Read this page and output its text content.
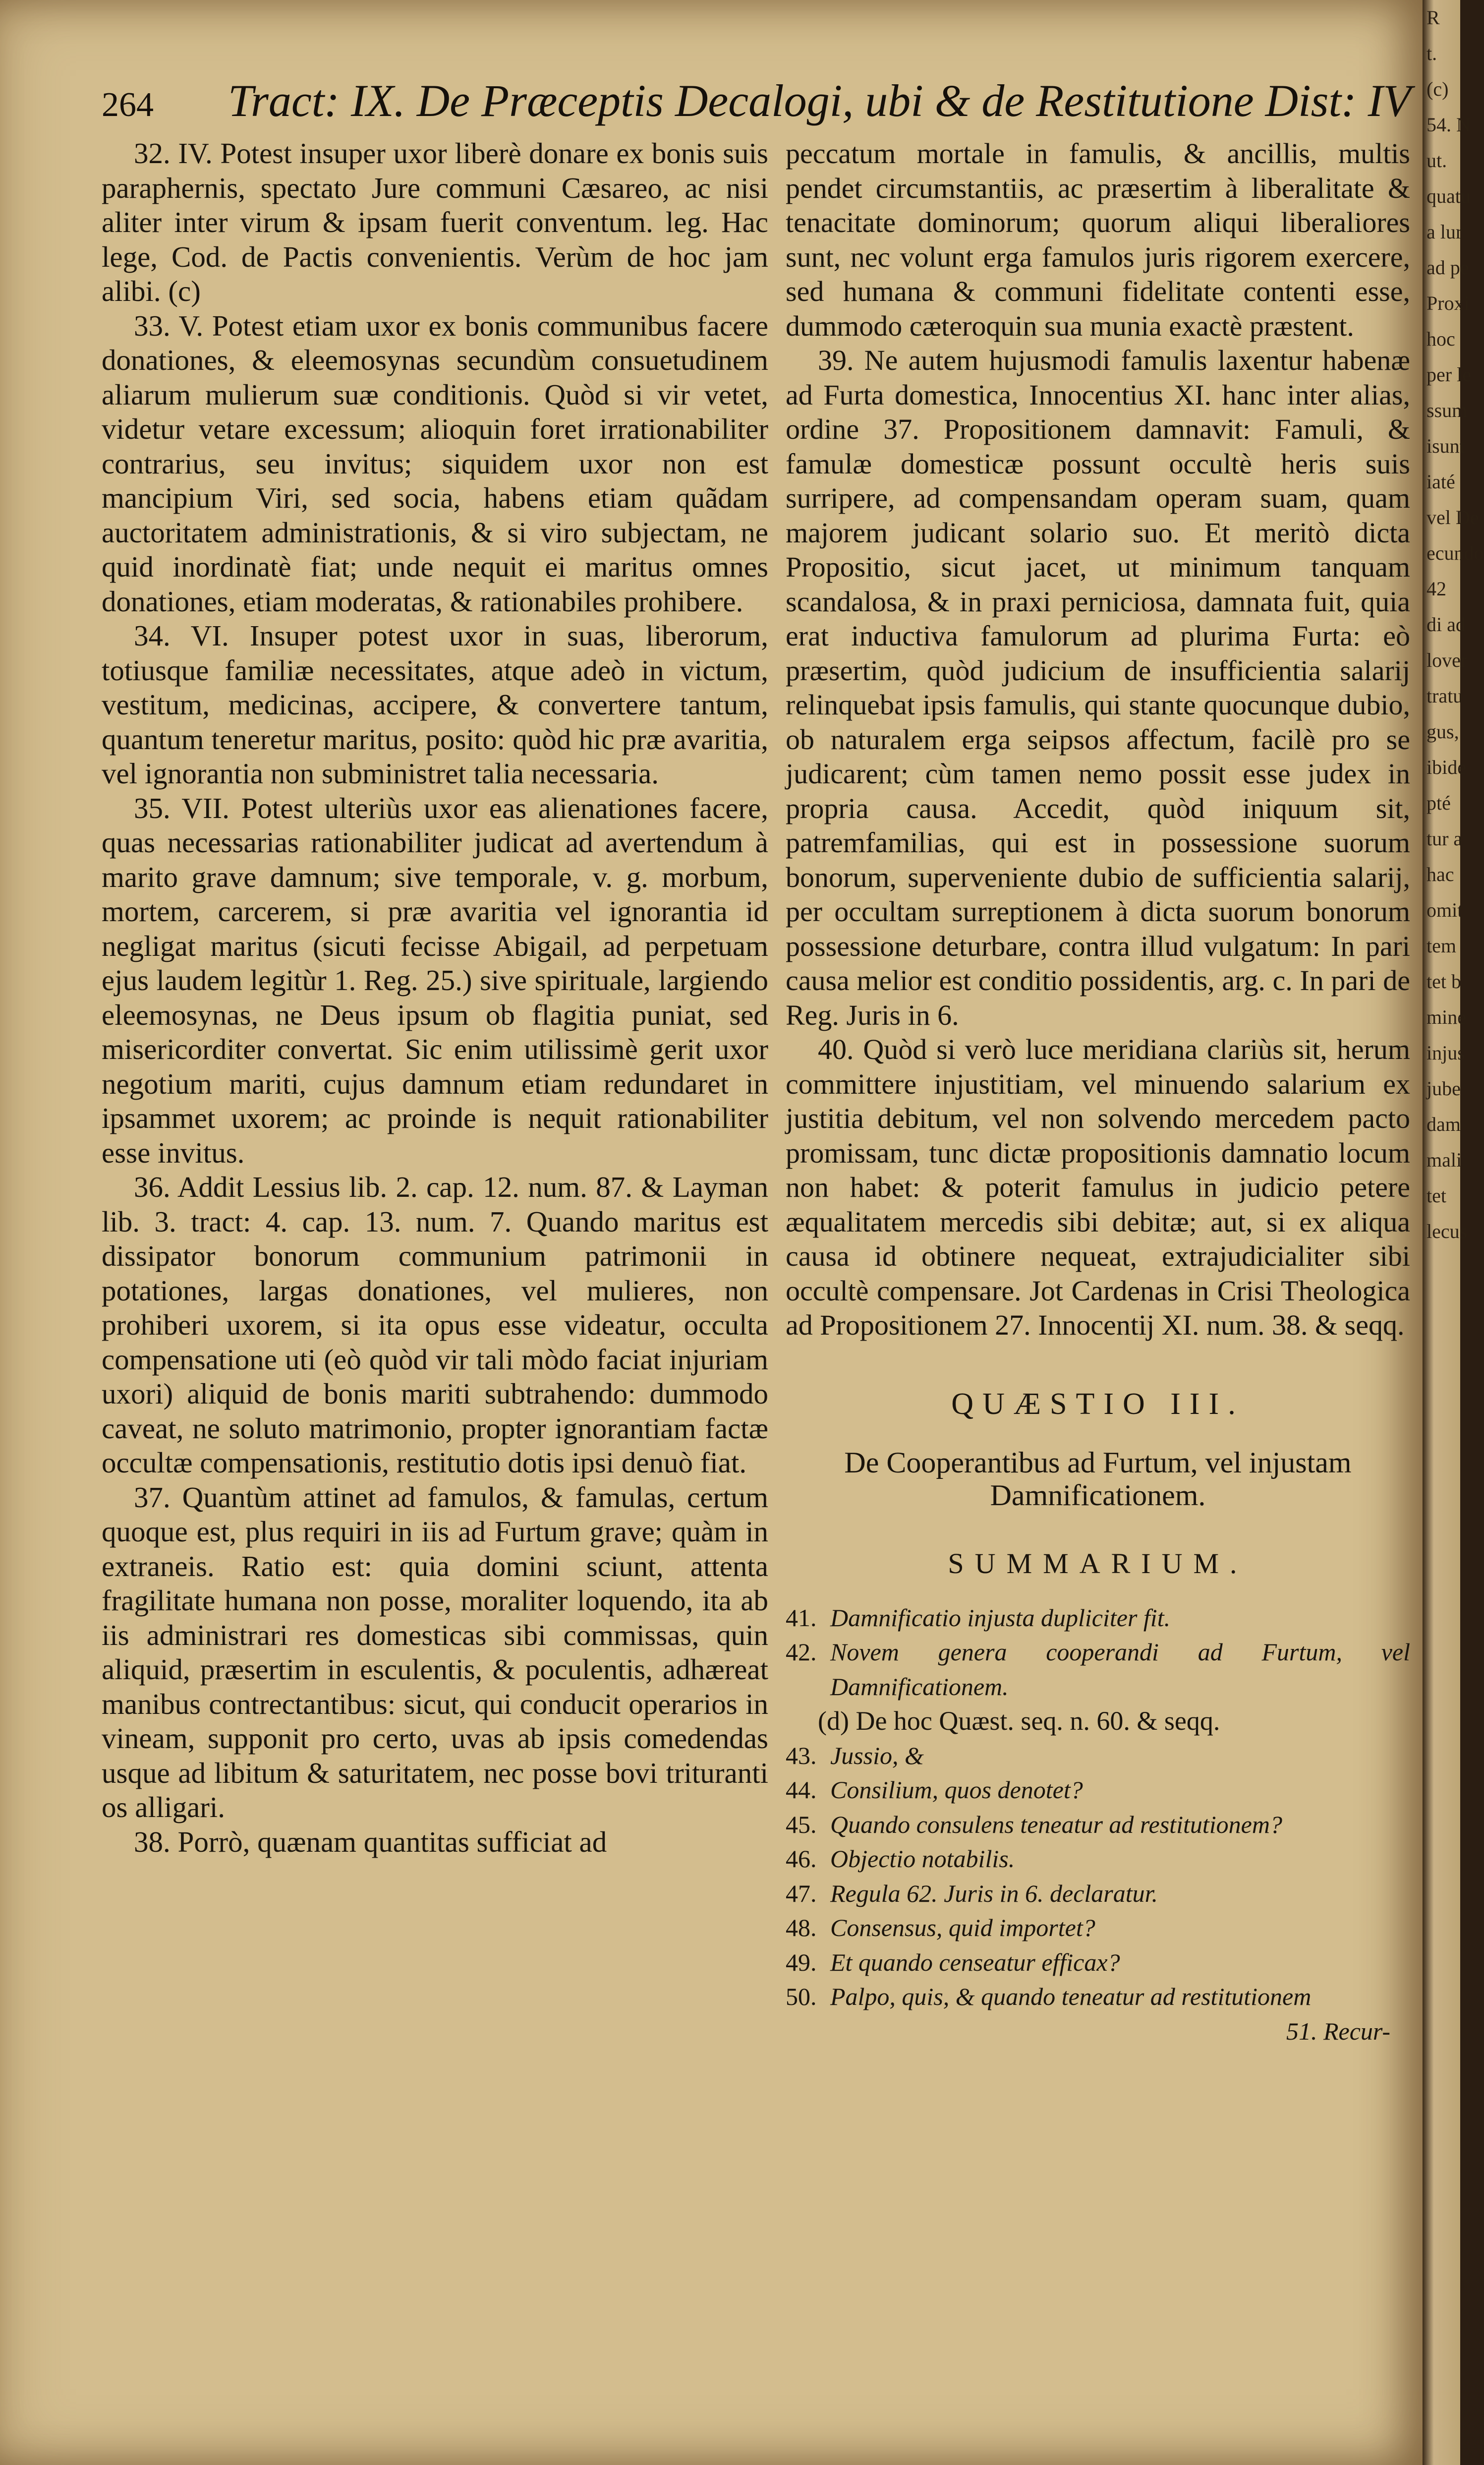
264 Tract: IX. De Præceptis Decalogi, ubi & de Restitutione Dist: IV

32. IV. Potest insuper uxor liberè donare ex bonis suis paraphernis, spectato Jure communi Cæsareo, ac nisi aliter inter virum & ipsam fuerit conventum. leg. Hac lege, Cod. de Pactis convenientis. Verùm de hoc jam alibi. (c)

33. V. Potest etiam uxor ex bonis communibus facere donationes, & eleemosynas secundùm consuetudinem aliarum mulierum suæ conditionis. Quòd si vir vetet, videtur vetare excessum; alioquin foret irrationabiliter contrarius, seu invitus; siquidem uxor non est mancipium Viri, sed socia, habens etiam quãdam auctoritatem administrationis, & si viro subjectam, ne quid inordinatè fiat; unde nequit ei maritus omnes donationes, etiam moderatas, & rationabiles prohibere.

34. VI. Insuper potest uxor in suas, liberorum, totiusque familiæ necessitates, atque adeò in victum, vestitum, medicinas, accipere, & convertere tantum, quantum teneretur maritus, posito: quòd hic præ avaritia, vel ignorantia non subministret talia necessaria.

35. VII. Potest ulteriùs uxor eas alienationes facere, quas necessarias rationabiliter judicat ad avertendum à marito grave damnum; sive temporale, v. g. morbum, mortem, carcerem, si præ avaritia vel ignorantia id negligat maritus (sicuti fecisse Abigail, ad perpetuam ejus laudem legitùr 1. Reg. 25.) sive spirituale, largiendo eleemosynas, ne Deus ipsum ob flagitia puniat, sed misericorditer convertat. Sic enim utilissimè gerit uxor negotium mariti, cujus damnum etiam redundaret in ipsammet uxorem; ac proinde is nequit rationabiliter esse invitus.

36. Addit Lessius lib. 2. cap. 12. num. 87. & Layman lib. 3. tract: 4. cap. 13. num. 7. Quando maritus est dissipator bonorum communium patrimonii in potationes, largas donationes, vel mulieres, non prohiberi uxorem, si ita opus esse videatur, occulta compensatione uti (eò quòd vir tali mòdo faciat injuriam uxori) aliquid de bonis mariti subtrahendo: dummodo caveat, ne soluto matrimonio, propter ignorantiam factæ occultæ compensationis, restitutio dotis ipsi denuò fiat.

37. Quantùm attinet ad famulos, & famulas, certum quoque est, plus requiri in iis ad Furtum grave; quàm in extraneis. Ratio est: quia domini sciunt, attenta fragilitate humana non posse, moraliter loquendo, ita ab iis administrari res domesticas sibi commissas, quin aliquid, præsertim in esculentis, & poculentis, adhæreat manibus contrectantibus: sicut, qui conducit operarios in vineam, supponit pro certo, uvas ab ipsis comedendas usque ad libitum & saturitatem, nec posse bovi trituranti os alligari.

38. Porrò, quænam quantitas sufficiat ad

peccatum mortale in famulis, & ancillis, multis pendet circumstantiis, ac præsertim à liberalitate & tenacitate dominorum; quorum aliqui liberaliores sunt, nec volunt erga famulos juris rigorem exercere, sed humana & communi fidelitate contenti esse, dummodo cæteroquin sua munia exactè præstent.

39. Ne autem hujusmodi famulis laxentur habenæ ad Furta domestica, Innocentius XI. hanc inter alias, ordine 37. Propositionem damnavit: Famuli, & famulæ domesticæ possunt occultè heris suis surripere, ad compensandam operam suam, quam majorem judicant solario suo. Et meritò dicta Propositio, sicut jacet, ut minimum tanquam scandalosa, & in praxi perniciosa, damnata fuit, quia erat inductiva famulorum ad plurima Furta: eò præsertim, quòd judicium de insufficientia salarij relinquebat ipsis famulis, qui stante quocunque dubio, ob naturalem erga seipsos affectum, facilè pro se judicarent; cùm tamen nemo possit esse judex in propria causa. Accedit, quòd iniquum sit, patremfamilias, qui est in possessione suorum bonorum, superveniente dubio de sufficientia salarij, per occultam surreptionem à dicta suorum bonorum possessione deturbare, contra illud vulgatum: In pari causa melior est conditio possidentis, arg. c. In pari de Reg. Juris in 6.

40. Quòd si verò luce meridiana clariùs sit, herum committere injustitiam, vel minuendo salarium ex justitia debitum, vel non solvendo mercedem pacto promissam, tunc dictæ propositionis damnatio locum non habet: & poterit famulus in judicio petere æqualitatem mercedis sibi debitæ; aut, si ex aliqua causa id obtinere nequeat, extrajudicialiter sibi occultè compensare. Jot Cardenas in Crisi Theologica ad Propositionem 27. Innocentij XI. num. 38. & seqq.

QUÆSTIO III.
De Cooperantibus ad Furtum, vel injustam Damnificationem.
SUMMARIUM.
41. Damnificatio injusta dupliciter fit.
42. Novem genera cooperandi ad Furtum, vel Damnificationem.
(d) De hoc Quæst. seq. n. 60. & seqq.
43. Jussio, &
44. Consilium, quos denotet?
45. Quando consulens teneatur ad restitutionem?
46. Objectio notabilis.
47. Regula 62. Juris in 6. declaratur.
48. Consensus, quid importet?
49. Et quando censeatur efficax?
50. Palpo, quis, & quando teneatur ad restitutionem
51. Recur-
R
t.
(c)
54. N
ut.
quatu
a lur
ad pe
Proxi
hoc
per le
ssum
isunt
iaté
vel De
ecundo
42
di ad
lover
tratu
gus,
ibide
pté
tur a
hac
omit
tem
tet b
mine
injus
jube
dam
mali
tet
lecus
